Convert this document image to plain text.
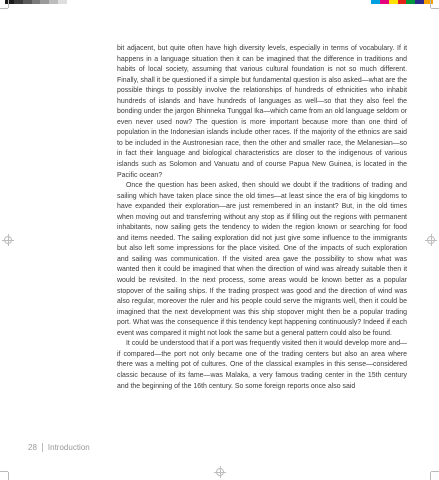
bit adjacent, but quite often have high diversity levels, especially in terms of vocabulary. If it happens in a language situation then it can be imagined that the difference in traditions and habits of local society, assuming that various cultural foundation is not so much different. Finally, shall it be questioned if a simple but fundamental question is also asked—what are the possible things to possibly involve the relationships of hundreds of ethnicities who inhabit hundreds of islands and have hundreds of languages as well—so that they also feel the bonding under the jargon Bhinneka Tunggal Ika—which came from an old language seldom or even never used now? The question is more important because more than one third of population in the Indonesian islands include other races. If the majority of the ethnics are said to be included in the Austronesian race, then the other and smaller race, the Melanesian—so in fact their language and biological characteristics are closer to the indigenous of various islands such as Solomon and Vanuatu and of course Papua New Guinea, is located in the Pacific ocean?

Once the question has been asked, then should we doubt if the traditions of trading and sailing which have taken place since the old times—at least since the era of big kingdoms to have expanded their exploration—are just remembered in an instant? But, in the old times when moving out and transferring without any stop as if filling out the regions with permanent inhabitants, now sailing gets the tendency to widen the region known or searching for food and items needed. The sailing exploration did not just give some influence to the immigrants but also left some impressions for the place visited. One of the impacts of such exploration and sailing was communication. If the visited area gave the possibility to show what was wanted then it could be imagined that when the direction of wind was already suitable then it would be revisited. In the next process, some areas would be known better as a popular stopover of the sailing ships. If the trading prospect was good and the direction of wind was also regular, moreover the ruler and his people could serve the migrants well, then it could be imagined that the next development was this ship stopover might then be a popular trading port. What was the consequence if this tendency kept happening continuously? Indeed if each event was compared it might not look the same but a general pattern could also be found.

It could be understood that if a port was frequently visited then it would develop more and—if compared—the port not only became one of the trading centers but also an area where there was a melting pot of cultures. One of the classical examples in this sense—considered classic because of its fame—was Malaka, a very famous trading center in the 15th century and the beginning of the 16th century. So some foreign reports once also said

28 Introduction
